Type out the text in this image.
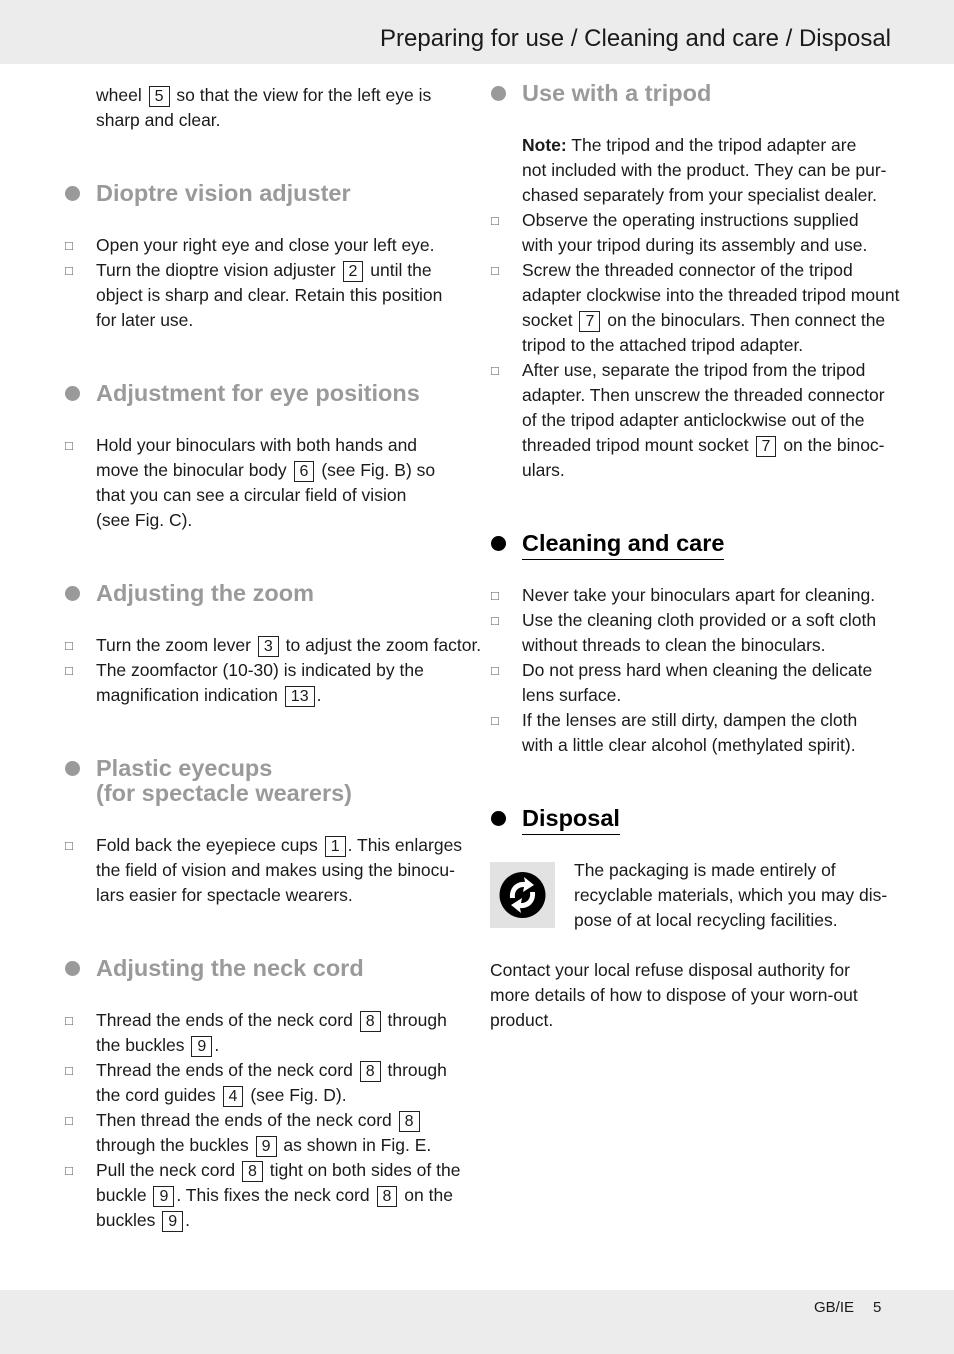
Preparing for use / Cleaning and care / Disposal

wheel 5 so that the view for the left eye is

sharp and clear.

Dioptre vision adjuster
□ Open your right eye and close your left eye.

□ Turn the dioptre vision adjuster 2 until the

object is sharp and clear. Retain this position

for later use.

Adjustment for eye positions
□ Hold your binoculars with both hands and

move the binocular body 6 (see Fig. B) so

that you can see a circular field of vision

(see Fig. C).

Adjusting the zoom
□ Turn the zoom lever 3 to adjust the zoom factor.

□ The zoomfactor (10-30) is indicated by the

magnification indication 13 .

Plastic eyecups
(for spectacle wearers)
□ Fold back the eyepiece cups 1 . This enlarges

the field of vision and makes using the binocu-

lars easier for spectacle wearers.

Adjusting the neck cord
□ Thread the ends of the neck cord 8 through

the buckles 9 .

□ Thread the ends of the neck cord 8 through

the cord guides 4 (see Fig. D).

□ Then thread the ends of the neck cord 8

through the buckles 9 as shown in Fig. E.

□ Pull the neck cord 8 tight on both sides of the

buckle 9 . This fixes the neck cord 8 on the

buckles 9 .

Use with a tripod

Note: The tripod and the tripod adapter are

not included with the product. They can be pur-

chased separately from your specialist dealer.

□ Observe the operating instructions supplied

with your tripod during its assembly and use.

□ Screw the threaded connector of the tripod

adapter clockwise into the threaded tripod mount

socket 7 on the binoculars. Then connect the

tripod to the attached tripod adapter.

□ After use, separate the tripod from the tripod

adapter. Then unscrew the threaded connector

of the tripod adapter anticlockwise out of the

threaded tripod mount socket 7 on the binoc-

ulars.

Cleaning and care
□ Never take your binoculars apart for cleaning.

□ Use the cleaning cloth provided or a soft cloth

without threads to clean the binoculars.

□ Do not press hard when cleaning the delicate

lens surface.

□ If the lenses are still dirty, dampen the cloth

with a little clear alcohol (methylated spirit).

Disposal

The packaging is made entirely of

recyclable materials, which you may dis-

pose of at local recycling facilities.

Contact your local refuse disposal authority for

more details of how to dispose of your worn-out

product.

GB/IE 5
